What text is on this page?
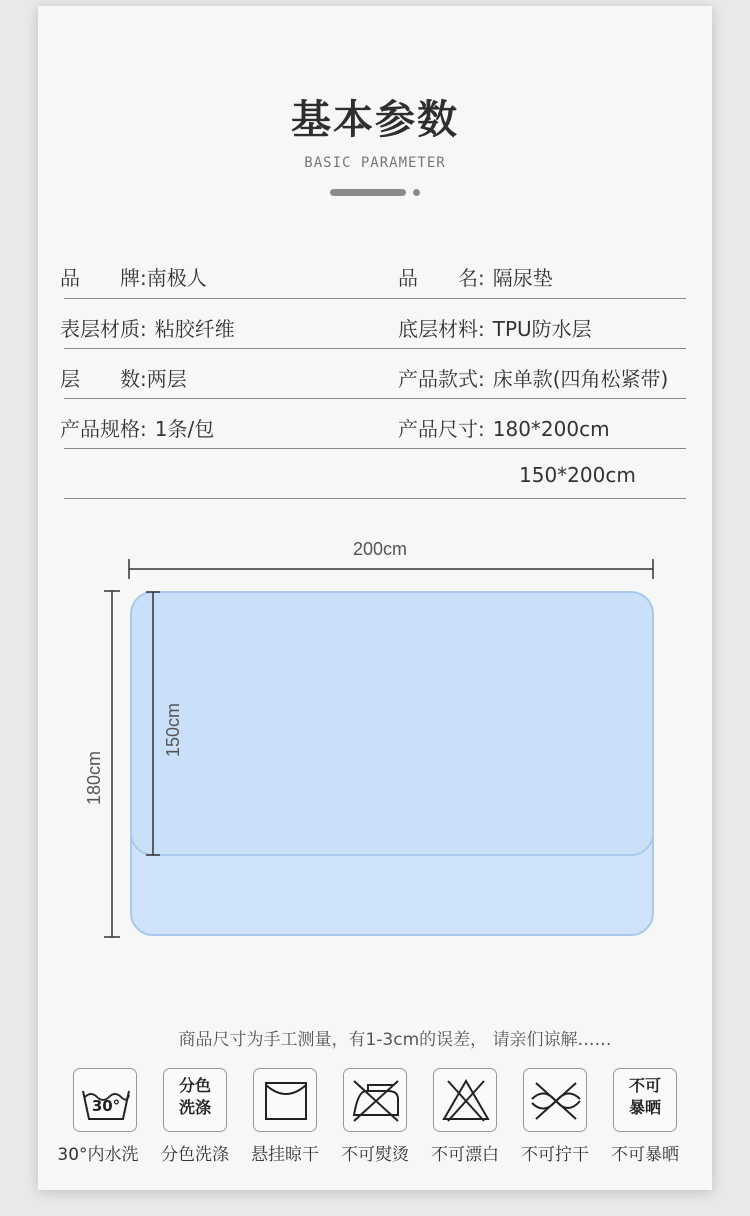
基本参数
BASIC PARAMETER
品　　牌:南极人	品　　名: 隔尿垫
表层材质: 粘胶纤维	底层材料: TPU防水层
层　　数:两层	产品款式: 床单款(四角松紧带)
产品规格: 1条/包	产品尺寸: 180*200cm
150*200cm
200cm
180cm
150cm
商品尺寸为手工测量，有1-3cm的误差， 请亲们谅解……
30°
30°内水洗
分色
洗涤
分色洗涤	悬挂晾干	不可熨烫	不可漂白	不可拧干
不可
暴晒
不可暴晒
